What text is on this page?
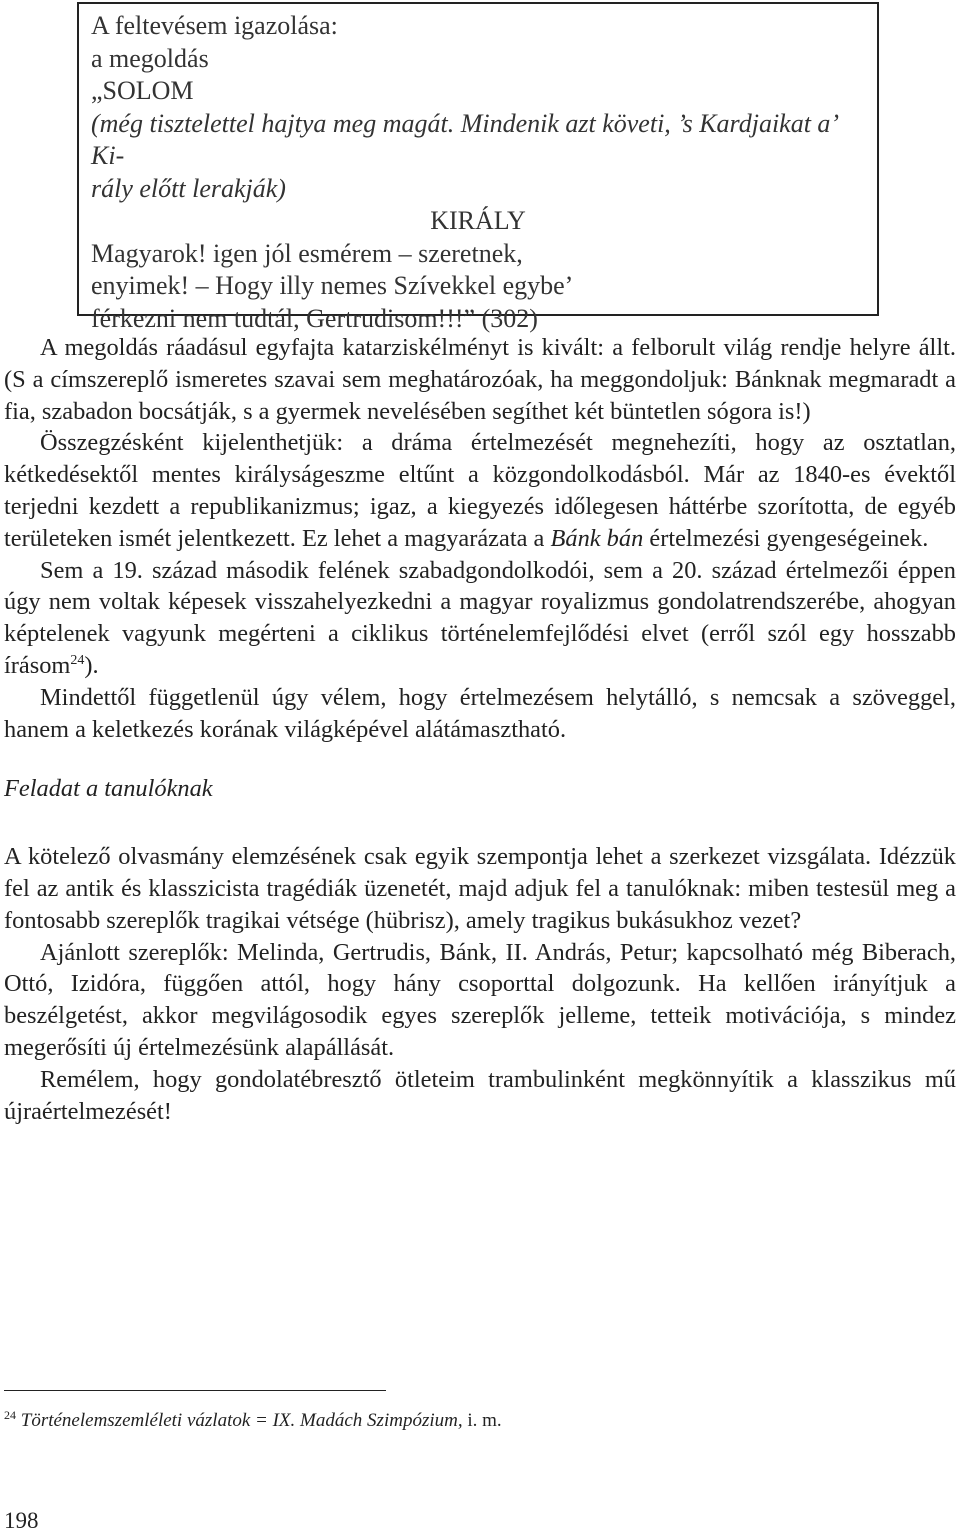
A feltevésem igazolása:

a megoldás

„SOLOM

(még tisztelettel hajtya meg magát. Mindenik azt követi, ’s Kardjaikat a’ Ki-

rály előtt lerakják)

KIRÁLY

Magyarok! igen jól esmérem – szeretnek,

enyimek! – Hogy illy nemes Szívekkel egybe’

férkezni nem tudtál, Gertrudisom!!!” (302)

A megoldás ráadásul egyfajta katarziskélményt is kivált: a felborult világ rendje helyre állt. (S a címszereplő ismeretes szavai sem meghatározóak, ha meggondoljuk: Bánknak megmaradt a fia, szabadon bocsátják, s a gyermek nevelésében segíthet két büntetlen sógora is!)

Összegzésként kijelenthetjük: a dráma értelmezését megnehezíti, hogy az osztatlan, kétkedésektől mentes királyságeszme eltűnt a közgondolkodásból. Már az 1840-es évektől terjedni kezdett a republikanizmus; igaz, a kiegyezés időlegesen háttérbe szorította, de egyéb területeken ismét jelentkezett. Ez lehet a magyarázata a Bánk bán értelmezési gyengeségeinek.

Sem a 19. század második felének szabadgondolkodói, sem a 20. század értelmezői éppen úgy nem voltak képesek visszahelyezkedni a magyar royalizmus gondolatrendszerébe, ahogyan képtelenek vagyunk megérteni a ciklikus történelemfejlődési elvet (erről szól egy hosszabb írásom$^{24}$).

Mindettől függetlenül úgy vélem, hogy értelmezésem helytálló, s nemcsak a szöveggel, hanem a keletkezés korának világképével alátámasztható.

Feladat a tanulóknak

A kötelező olvasmány elemzésének csak egyik szempontja lehet a szerkezet vizsgálata. Idézzük fel az antik és klasszicista tragédiák üzenetét, majd adjuk fel a tanulóknak: miben testesül meg a fontosabb szereplők tragikai vétsége (hübrisz), amely tragikus bukásukhoz vezet?

Ajánlott szereplők: Melinda, Gertrudis, Bánk, II. András, Petur; kapcsolható még Biberach, Ottó, Izidóra, függően attól, hogy hány csoporttal dolgozunk. Ha kellően irányítjuk a beszélgetést, akkor megvilágosodik egyes szereplők jelleme, tetteik motivációja, s mindez megerősíti új értelmezésünk alapállását.

Remélem, hogy gondolatébresztő ötleteim trambulinként megkönnyítik a klasszikus mű újraértelmezését!

$^{24}$ Történelemszemléleti vázlatok = IX. Madách Szimpózium, i. m.
198
